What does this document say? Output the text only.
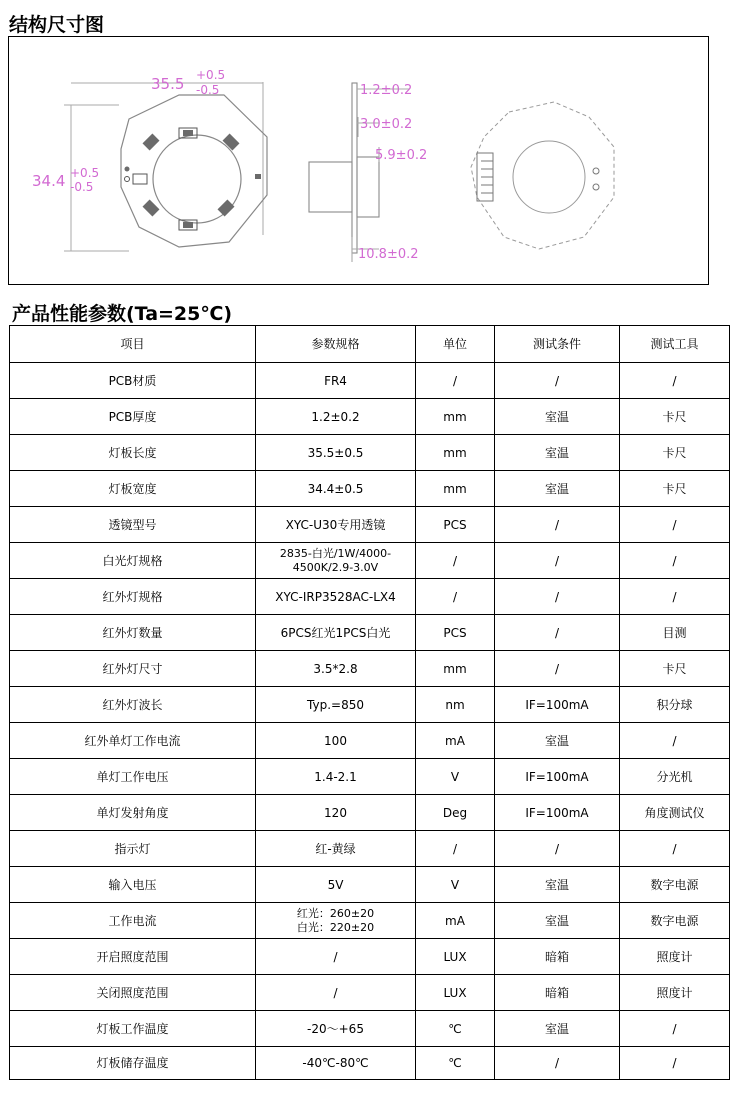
结构尺寸图
35.5 +0.5
-0.5
34.4 +0.5
-0.5
1.2±0.2
3.0±0.2
5.9±0.2
10.8±0.2
产品性能参数(Ta=25℃)
项目	参数规格	单位	测试条件	测试工具
PCB材质	FR4	/	/	/
PCB厚度	1.2±0.2	mm	室温	卡尺
灯板长度	35.5±0.5	mm	室温	卡尺
灯板宽度	34.4±0.5	mm	室温	卡尺
透镜型号	XYC-U30专用透镜	PCS	/	/
白光灯规格	2835-白光/1W/4000-
4500K/2.9-3.0V	/	/	/
红外灯规格	XYC-IRP3528AC-LX4	/	/	/
红外灯数量	6PCS红光1PCS白光	PCS	/	目测
红外灯尺寸	3.5*2.8	mm	/	卡尺
红外灯波长	Typ.=850	nm	IF=100mA	积分球
红外单灯工作电流	100	mA	室温	/
单灯工作电压	1.4-2.1	V	IF=100mA	分光机
单灯发射角度	120	Deg	IF=100mA	角度测试仪
指示灯	红-黄绿	/	/	/
输入电压	5V	V	室温	数字电源
工作电流	红光：260±20
白光：220±20	mA	室温	数字电源
开启照度范围	/	LUX	暗箱	照度计
关闭照度范围	/	LUX	暗箱	照度计
灯板工作温度	-20～+65	℃	室温	/
灯板储存温度	-40℃-80℃	℃	/	/
